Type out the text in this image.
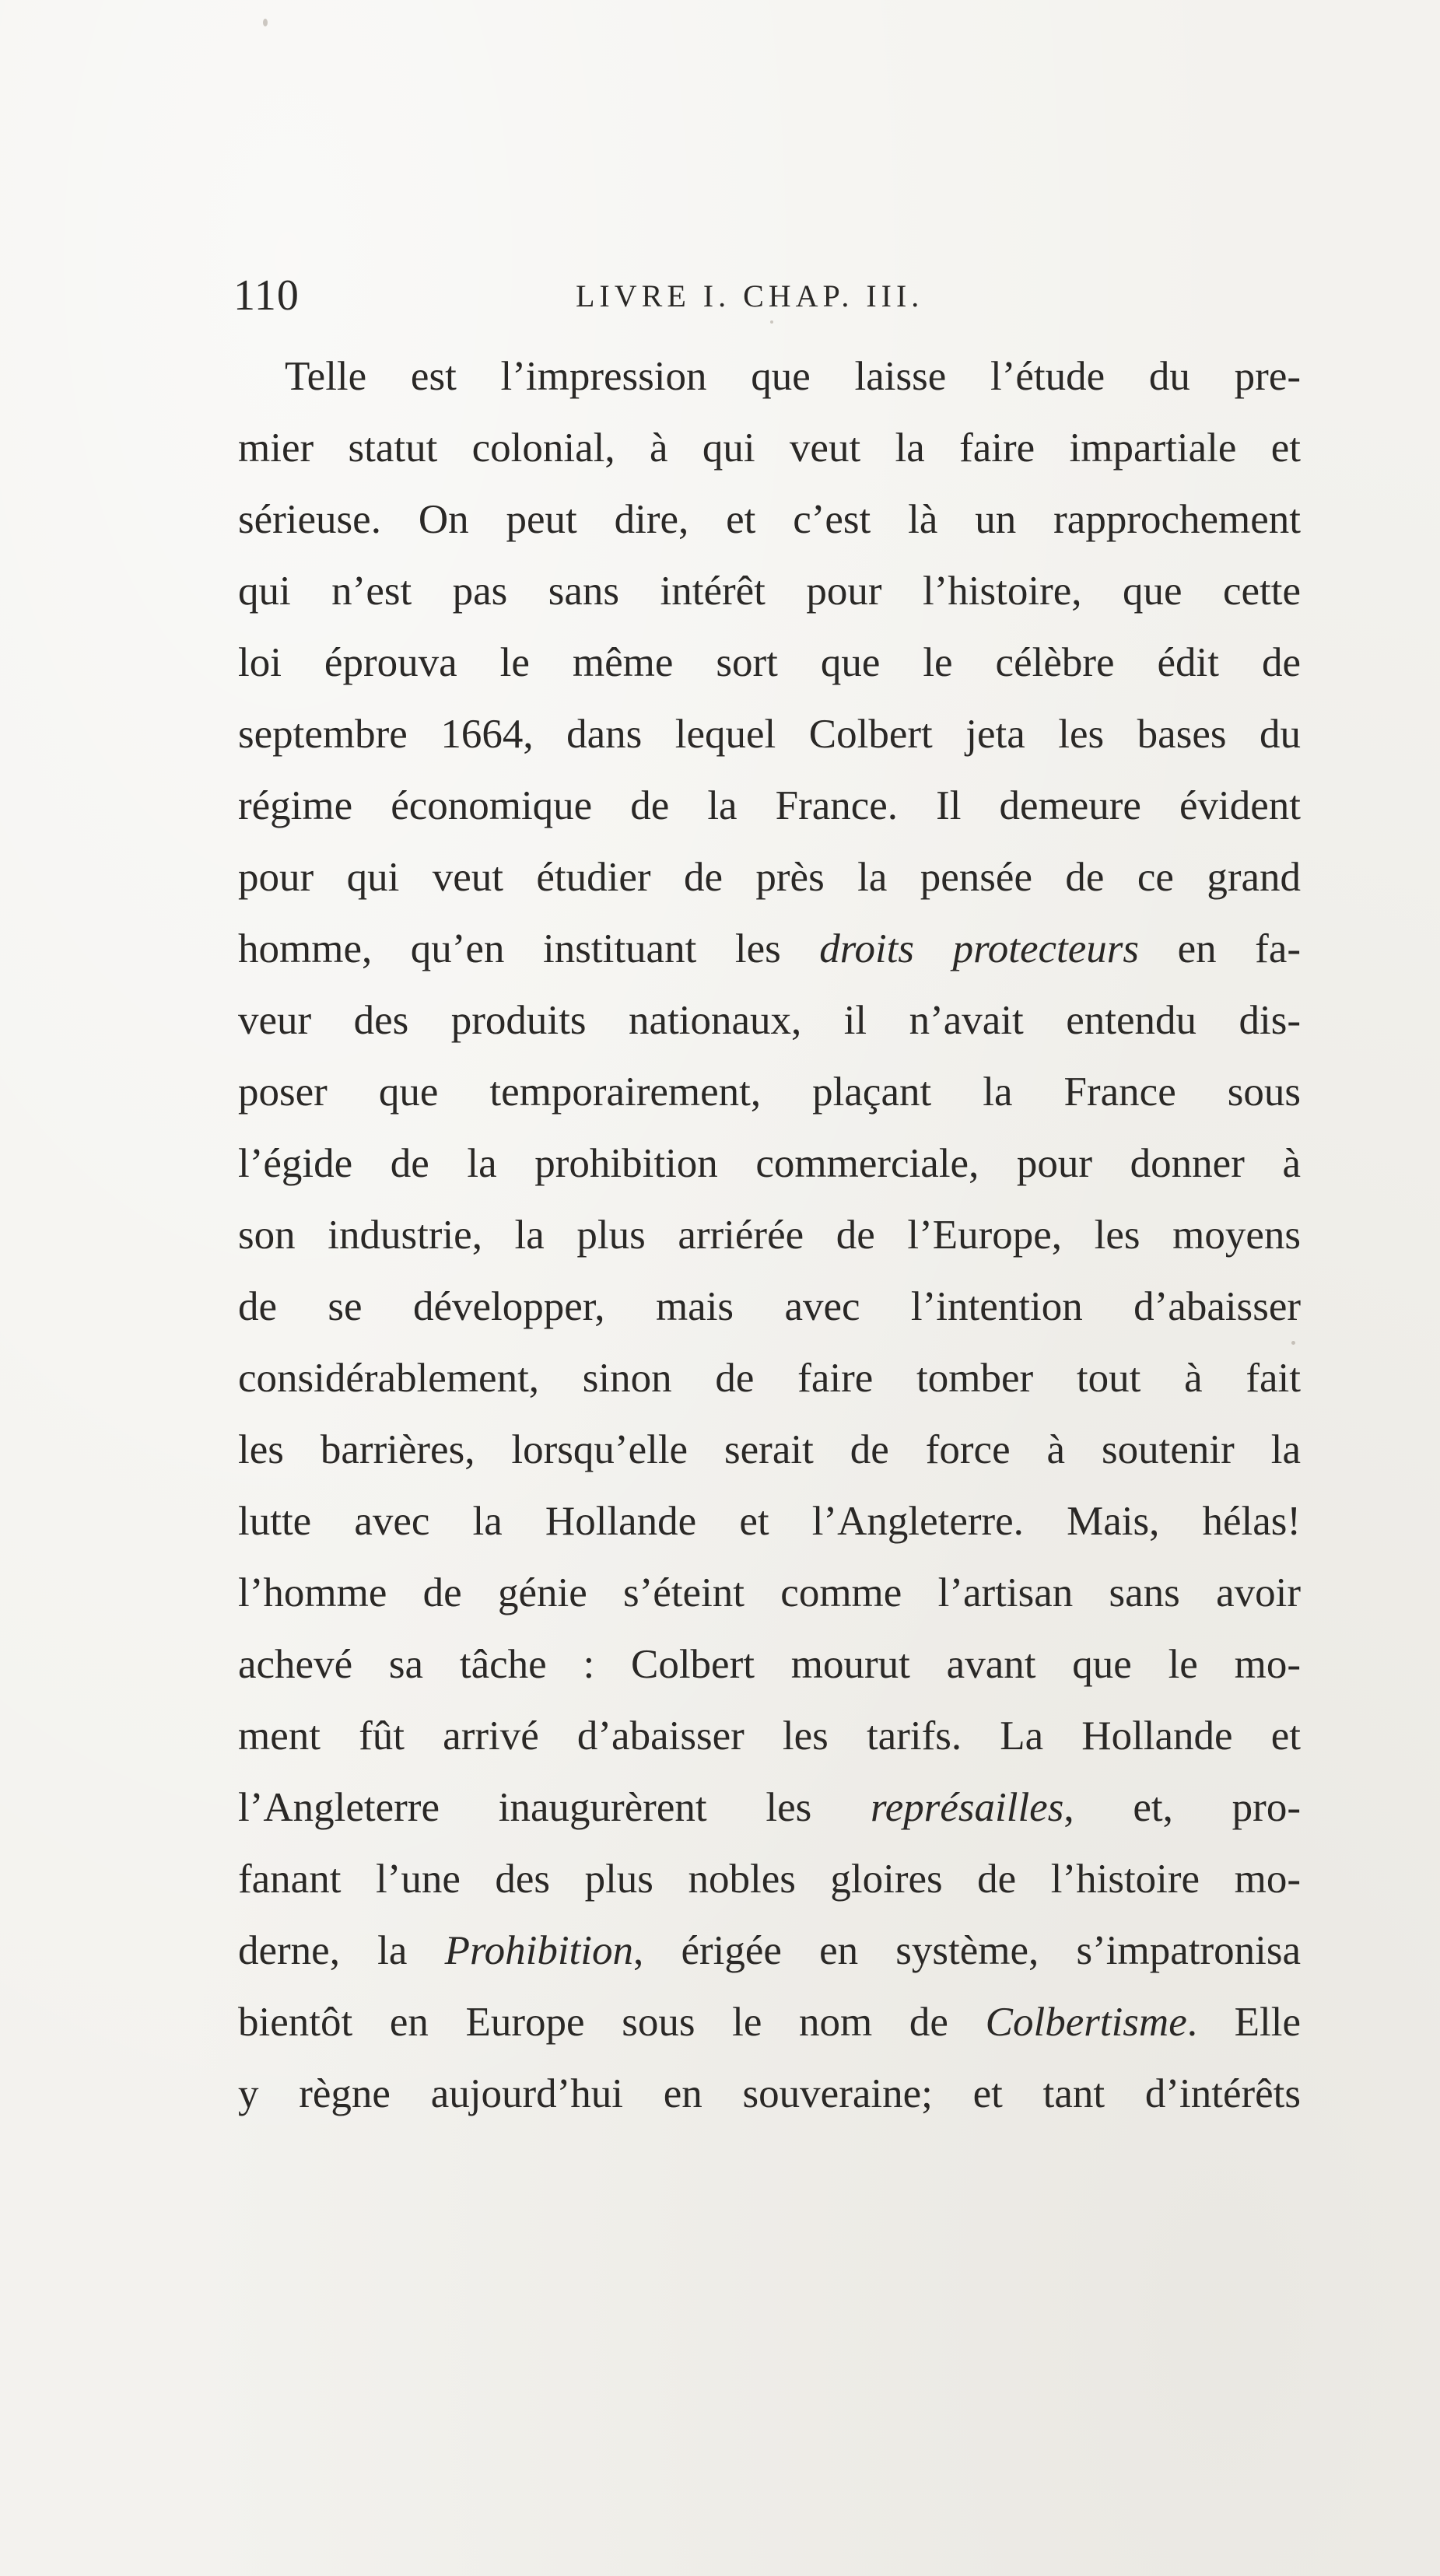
110	LIVRE I. CHAP. III.
Telle est l’impression que laisse l’étude du pre-
mier statut colonial, à qui veut la faire impartiale et
sérieuse. On peut dire, et c’est là un rapprochement
qui n’est pas sans intérêt pour l’histoire, que cette
loi éprouva le même sort que le célèbre édit de
septembre 1664, dans lequel Colbert jeta les bases du
régime économique de la France. Il demeure évident
pour qui veut étudier de près la pensée de ce grand
homme, qu’en instituant les droits protecteurs en fa-
veur des produits nationaux, il n’avait entendu dis-
poser que temporairement, plaçant la France sous
l’égide de la prohibition commerciale, pour donner à
son industrie, la plus arriérée de l’Europe, les moyens
de se développer, mais avec l’intention d’abaisser
considérablement, sinon de faire tomber tout à fait
les barrières, lorsqu’elle serait de force à soutenir la
lutte avec la Hollande et l’Angleterre. Mais, hélas!
l’homme de génie s’éteint comme l’artisan sans avoir
achevé sa tâche : Colbert mourut avant que le mo-
ment fût arrivé d’abaisser les tarifs. La Hollande et
l’Angleterre inaugurèrent les représailles, et, pro-
fanant l’une des plus nobles gloires de l’histoire mo-
derne, la Prohibition, érigée en système, s’impatronisa
bientôt en Europe sous le nom de Colbertisme. Elle
y règne aujourd’hui en souveraine; et tant d’intérêts
